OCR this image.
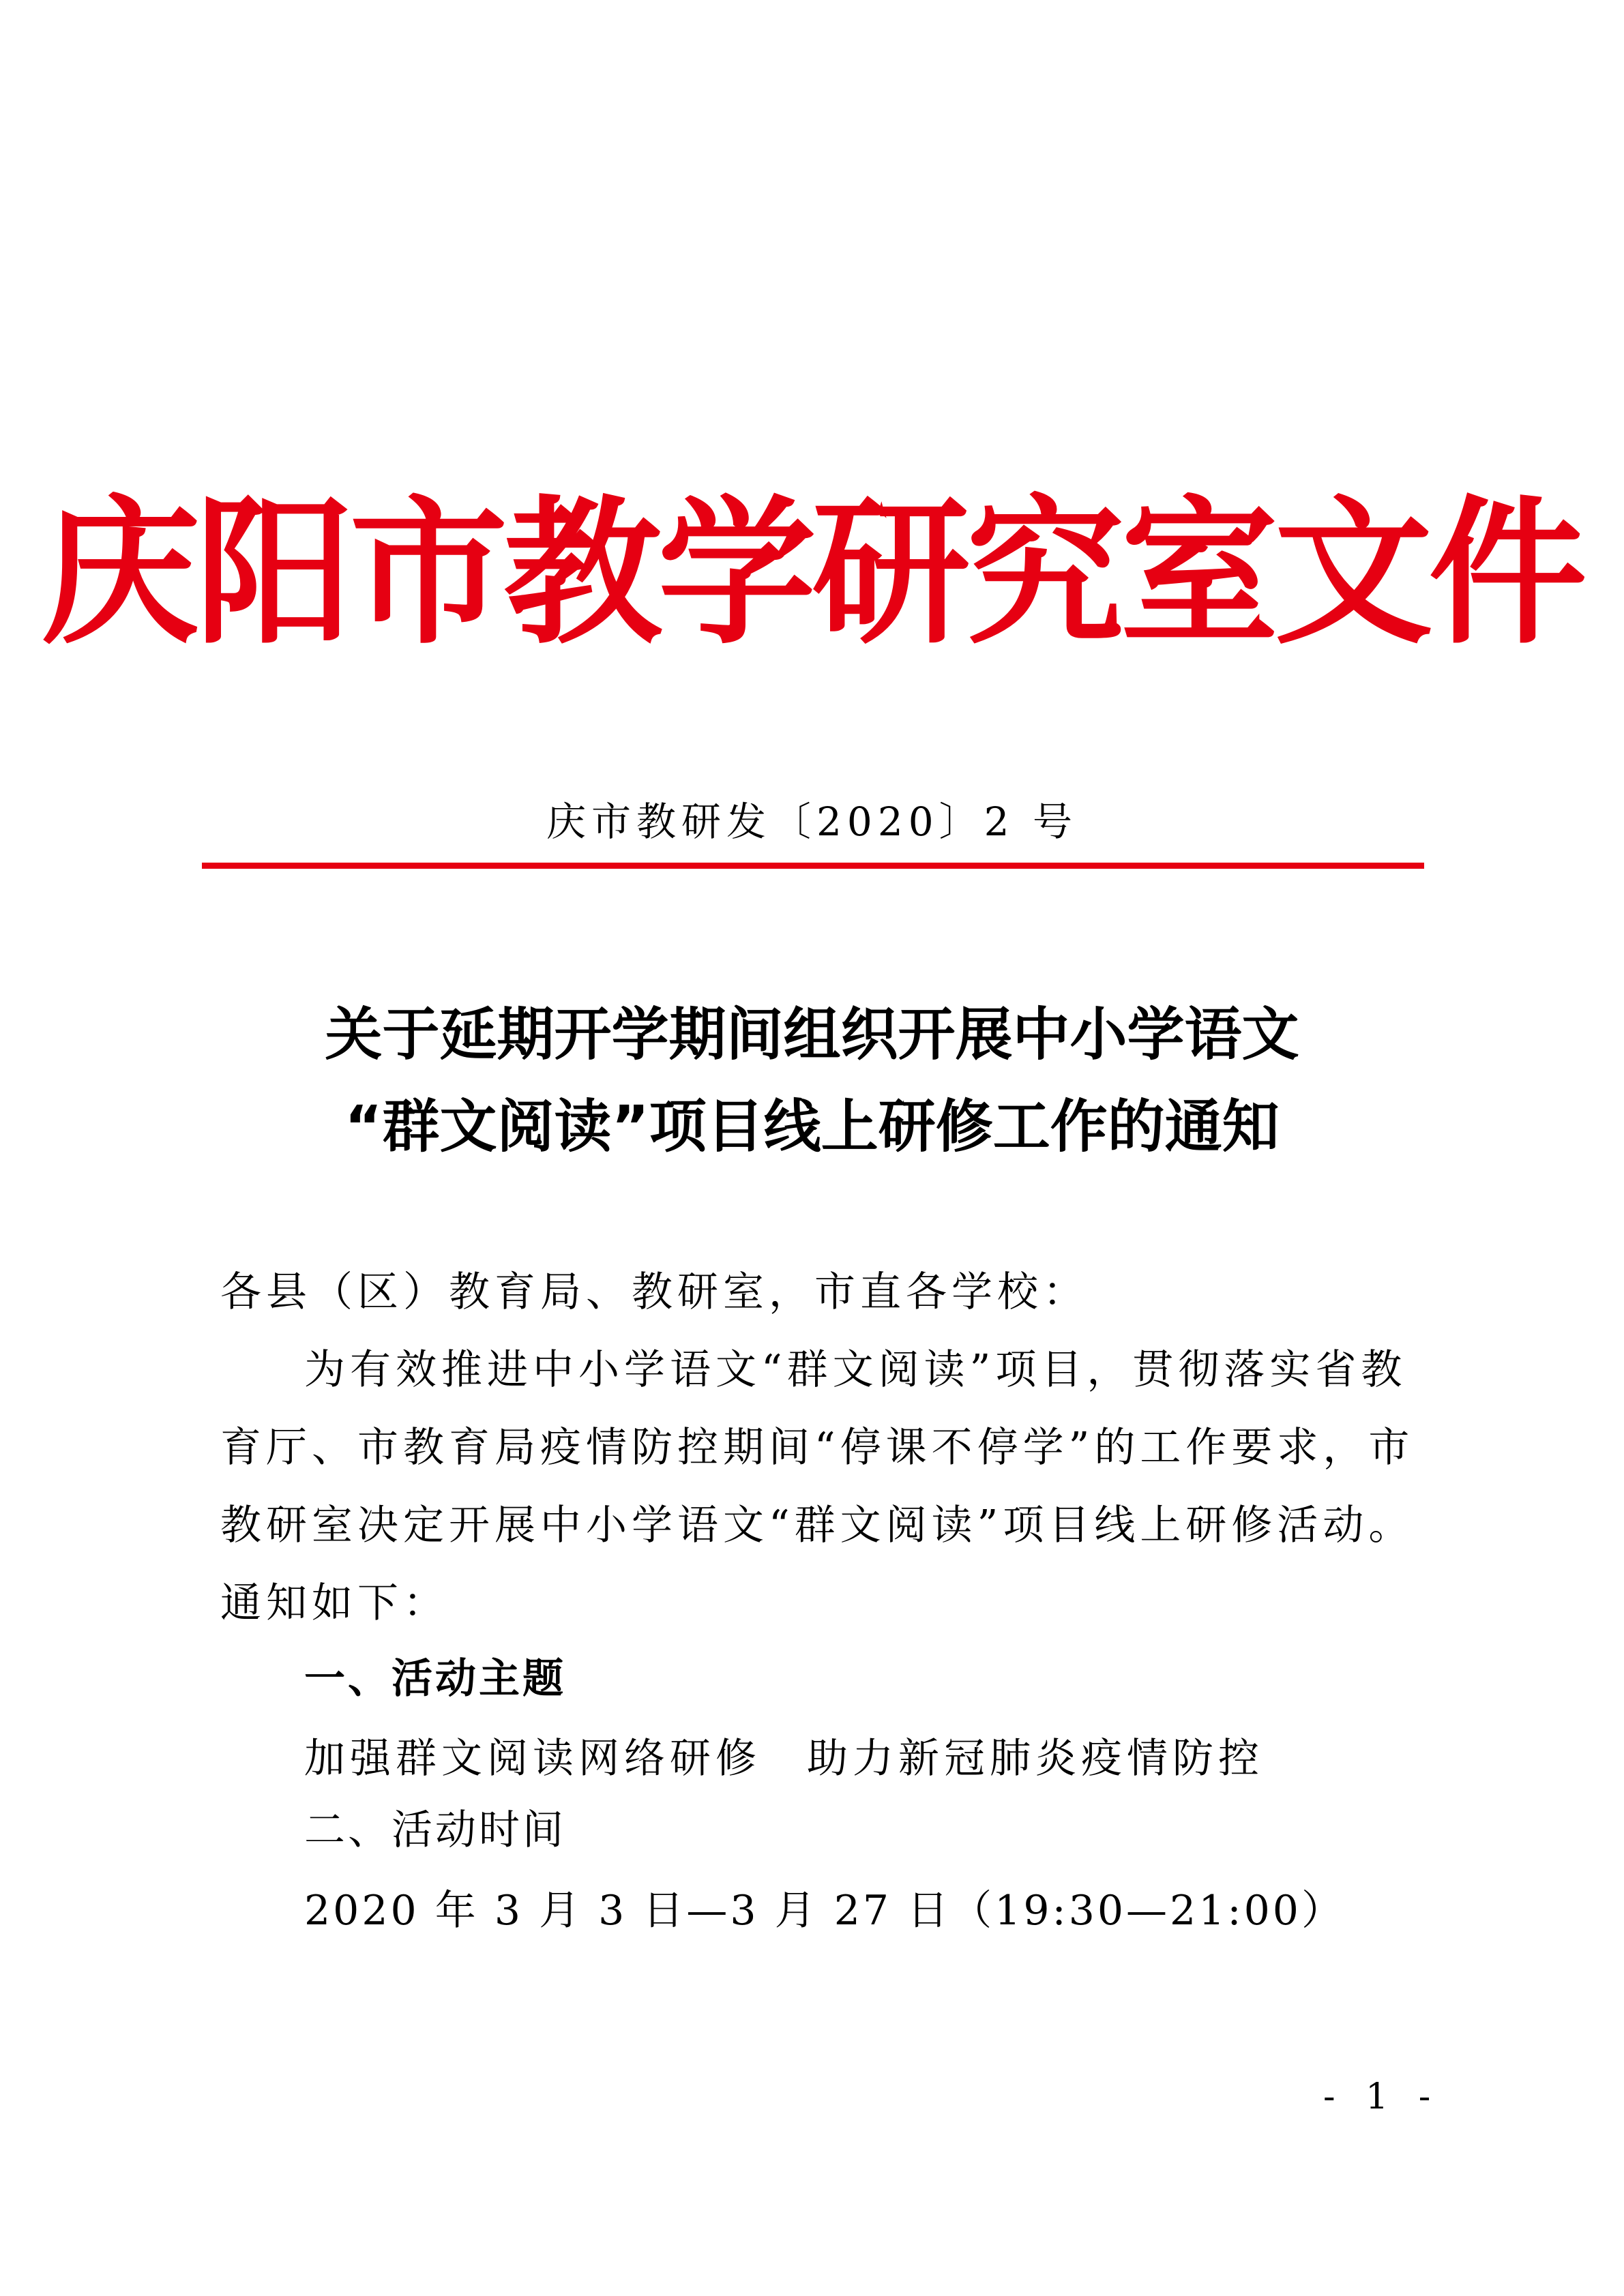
庆阳市教学研究室文件
庆市教研发〔2020〕2 号
关于延期开学期间组织开展中小学语文
“群文阅读”项目线上研修工作的通知
各县（区）教育局、教研室，市直各学校：
为有效推进中小学语文“群文阅读”项目，贯彻落实省教
育厅、市教育局疫情防控期间“停课不停学”的工作要求，市
教研室决定开展中小学语文“群文阅读”项目线上研修活动。
通知如下：
一、活动主题
加强群文阅读网络研修　助力新冠肺炎疫情防控
二、活动时间
2020 年 3 月 3 日—3 月 27 日（19:30—21:00）
- 1 -
